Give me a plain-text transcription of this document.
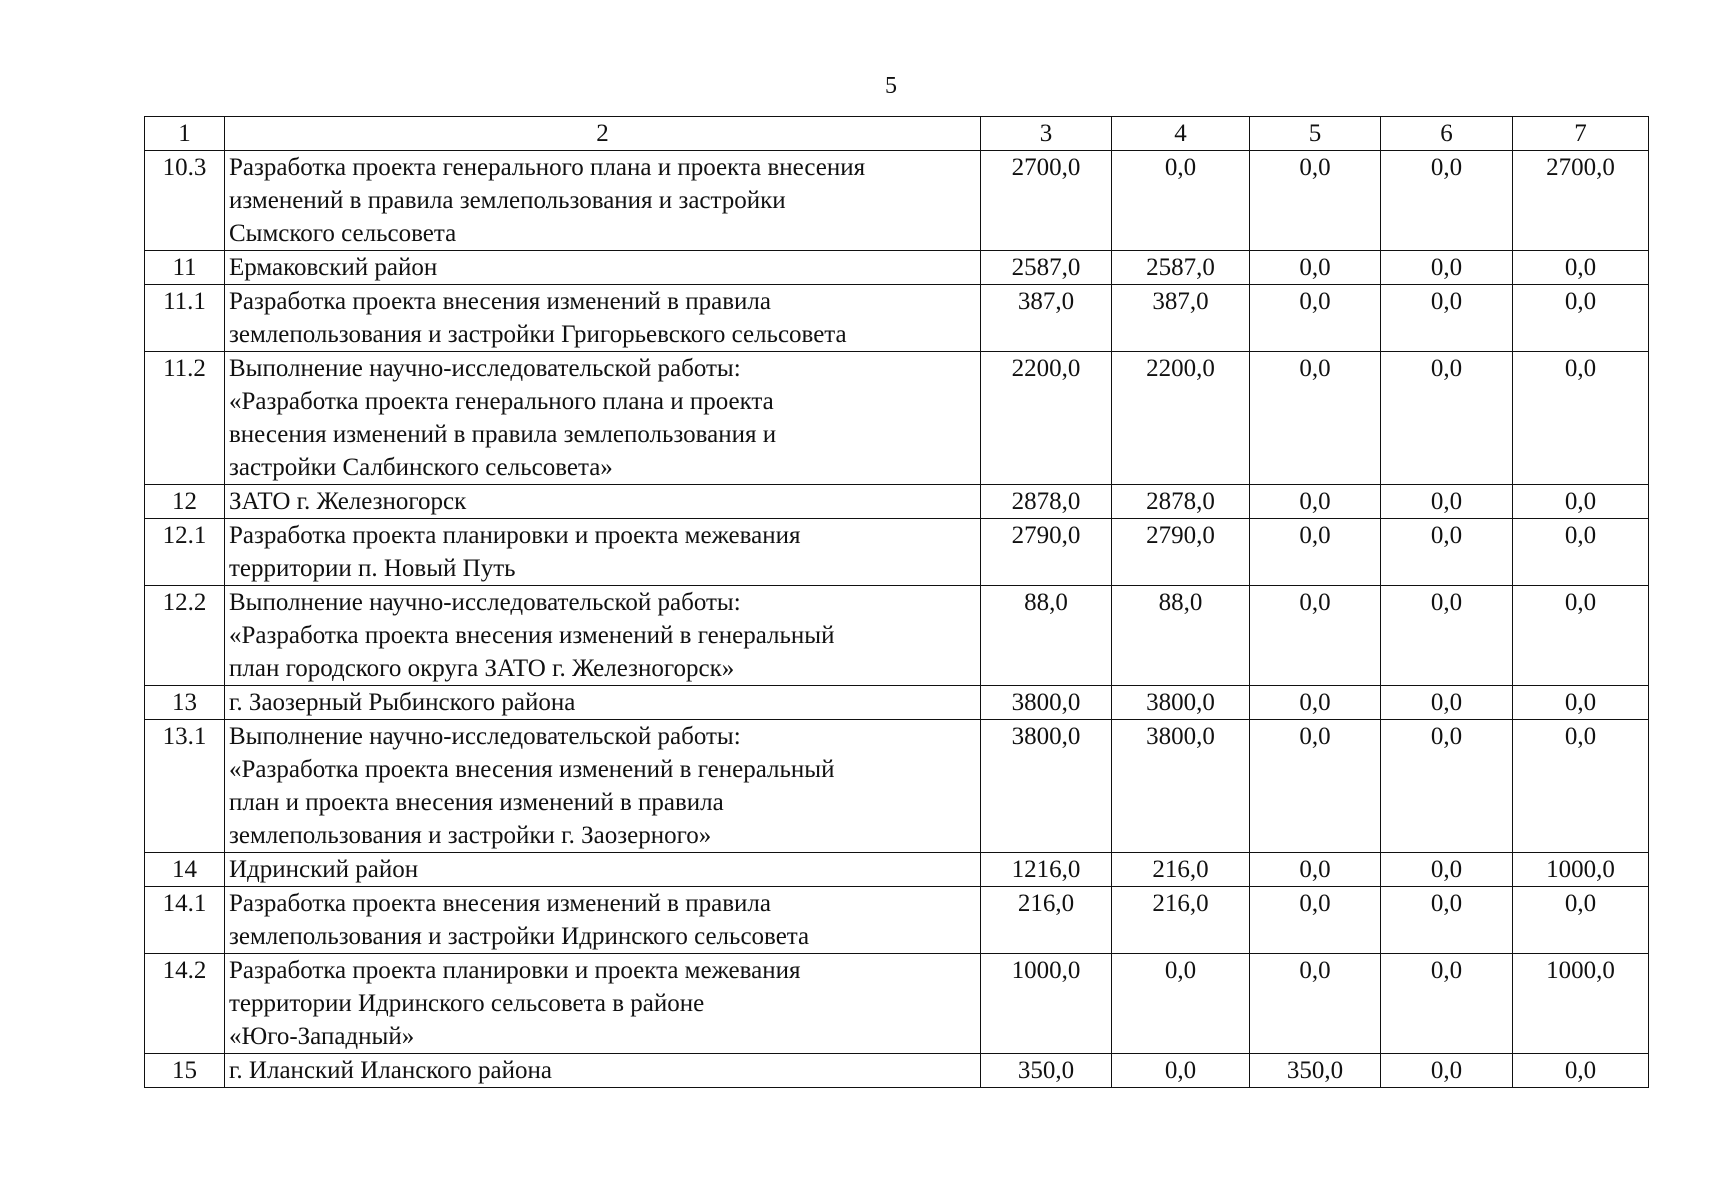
5
1	2	3	4	5	6	7
10.3	Разработка проекта генерального плана и проекта внесения
изменений в правила землепользования и застройки
Сымского сельсовета	2700,0	0,0	0,0	0,0	2700,0
11	Ермаковский район	2587,0	2587,0	0,0	0,0	0,0
11.1	Разработка проекта внесения изменений в правила
землепользования и застройки Григорьевского сельсовета	387,0	387,0	0,0	0,0	0,0
11.2	Выполнение научно-исследовательской работы:
«Разработка проекта генерального плана и проекта
внесения изменений в правила землепользования и
застройки Салбинского сельсовета»	2200,0	2200,0	0,0	0,0	0,0
12	ЗАТО г. Железногорск	2878,0	2878,0	0,0	0,0	0,0
12.1	Разработка проекта планировки и проекта межевания
территории п. Новый Путь	2790,0	2790,0	0,0	0,0	0,0
12.2	Выполнение научно-исследовательской работы:
«Разработка проекта внесения изменений в генеральный
план городского округа ЗАТО г. Железногорск»	88,0	88,0	0,0	0,0	0,0
13	г. Заозерный Рыбинского района	3800,0	3800,0	0,0	0,0	0,0
13.1	Выполнение научно-исследовательской работы:
«Разработка проекта внесения изменений в генеральный
план и проекта внесения изменений в правила
землепользования и застройки г. Заозерного»	3800,0	3800,0	0,0	0,0	0,0
14	Идринский район	1216,0	216,0	0,0	0,0	1000,0
14.1	Разработка проекта внесения изменений в правила
землепользования и застройки Идринского сельсовета	216,0	216,0	0,0	0,0	0,0
14.2	Разработка проекта планировки и проекта межевания
территории Идринского сельсовета в районе
«Юго-Западный»	1000,0	0,0	0,0	0,0	1000,0
15	г. Иланский Иланского района	350,0	0,0	350,0	0,0	0,0
